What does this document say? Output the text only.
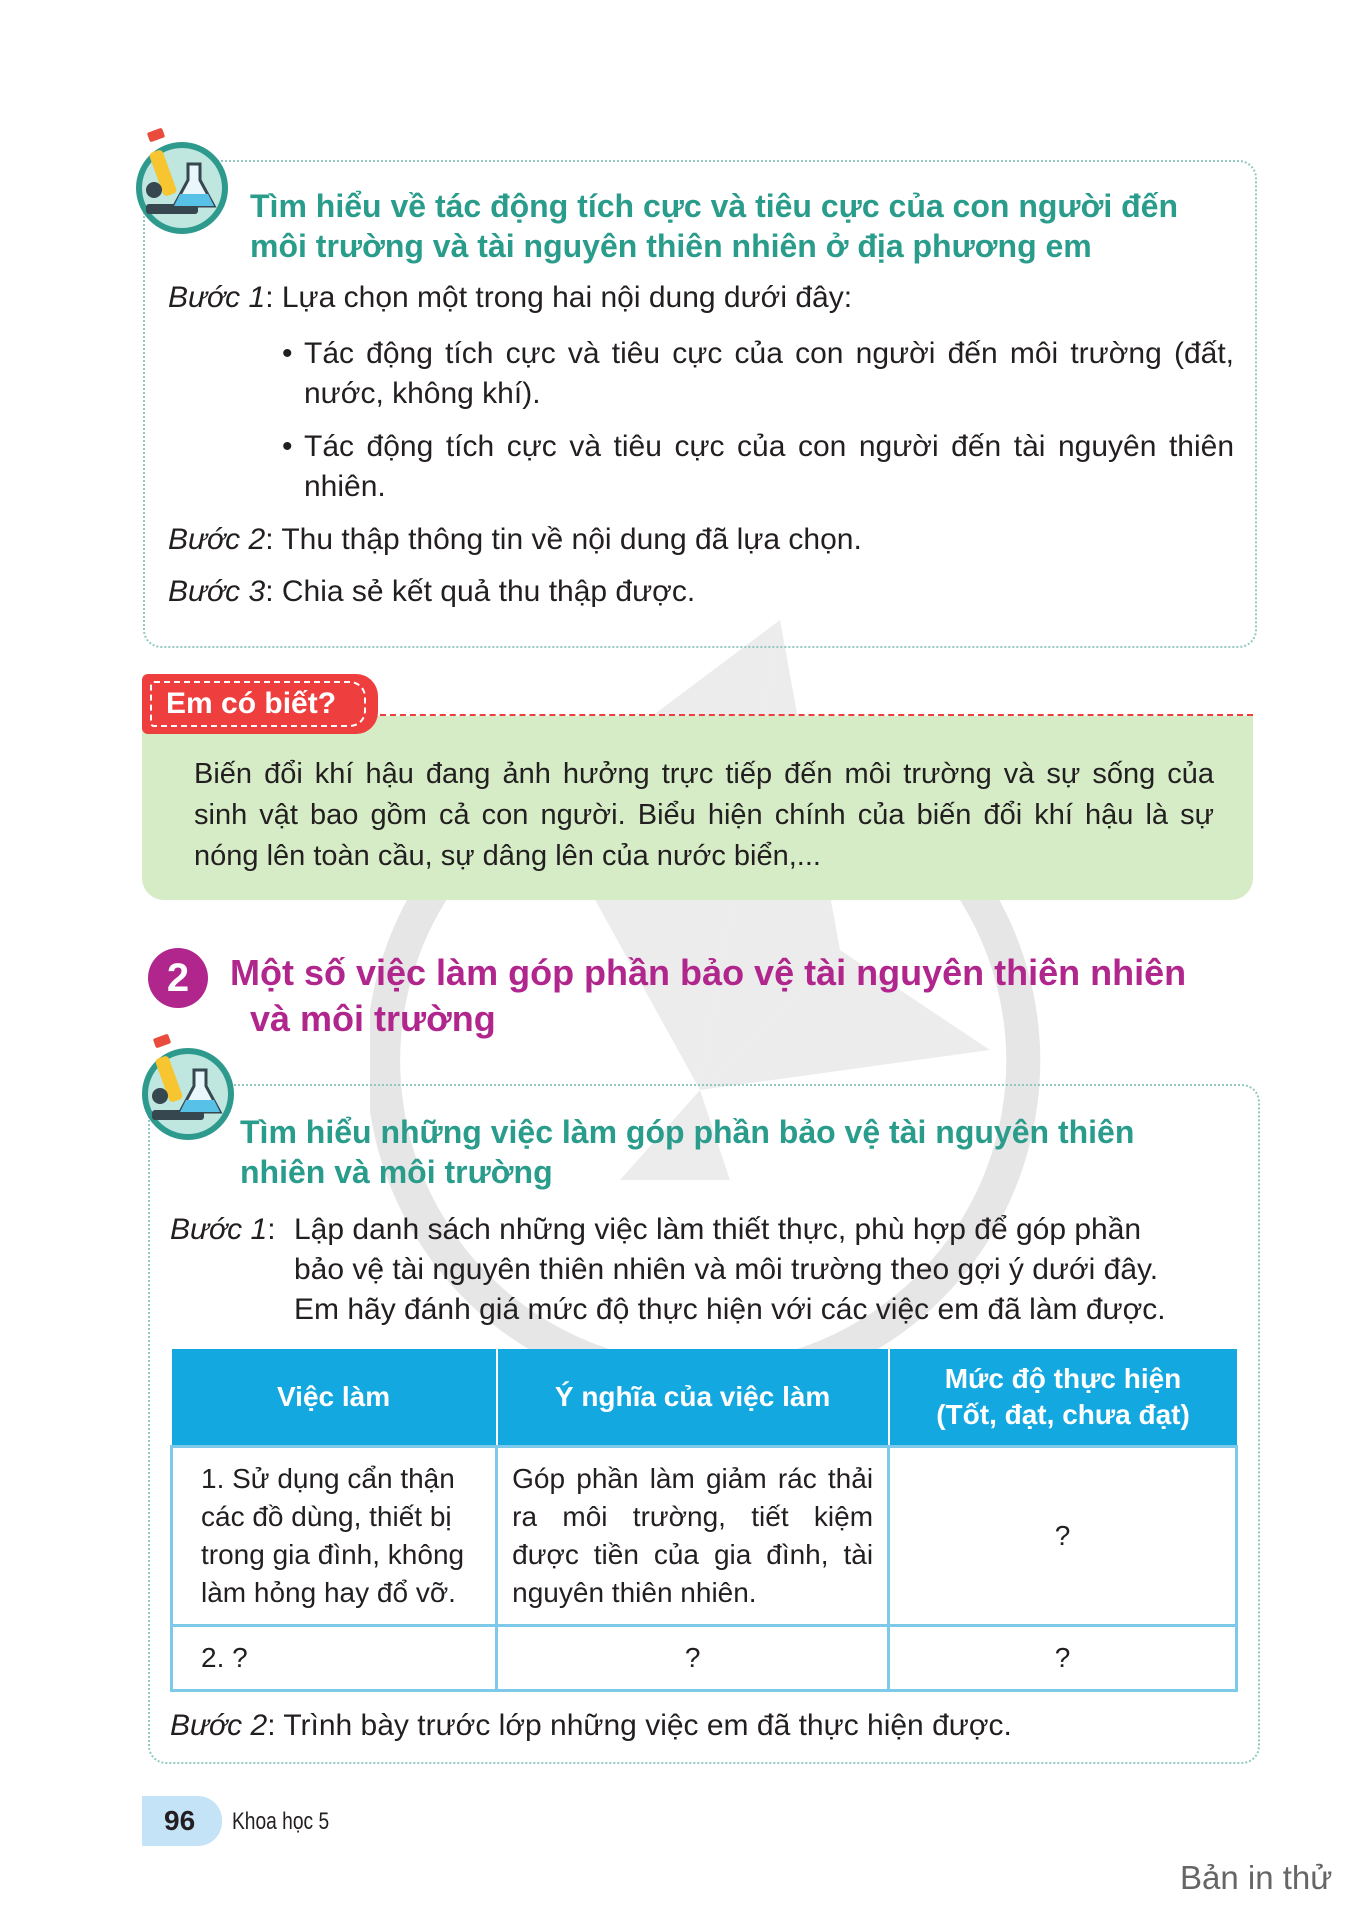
Tìm hiểu về tác động tích cực và tiêu cực của con người đến
môi trường và tài nguyên thiên nhiên ở địa phương em
Bước 1: Lựa chọn một trong hai nội dung dưới đây:
• Tác động tích cực và tiêu cực của con người đến môi trường (đất, nước, không khí).
• Tác động tích cực và tiêu cực của con người đến tài nguyên thiên nhiên.
Bước 2: Thu thập thông tin về nội dung đã lựa chọn.
Bước 3: Chia sẻ kết quả thu thập được.
Em có biết?
Biến đổi khí hậu đang ảnh hưởng trực tiếp đến môi trường và sự sống của sinh vật bao gồm cả con người. Biểu hiện chính của biến đổi khí hậu là sự nóng lên toàn cầu, sự dâng lên của nước biển,...
2	Một số việc làm góp phần bảo vệ tài nguyên thiên nhiên
và môi trường
Tìm hiểu những việc làm góp phần bảo vệ tài nguyên thiên
nhiên và môi trường
Bước 1: Lập danh sách những việc làm thiết thực, phù hợp để góp phần
bảo vệ tài nguyên thiên nhiên và môi trường theo gợi ý dưới đây.
Em hãy đánh giá mức độ thực hiện với các việc em đã làm được.
Việc làm	Ý nghĩa của việc làm	Mức độ thực hiện
(Tốt, đạt, chưa đạt)

1. Sử dụng cẩn thận các đồ dùng, thiết bị trong gia đình, không làm hỏng hay đổ vỡ.	Góp phần làm giảm rác thải ra môi trường, tiết kiệm được tiền của gia đình, tài nguyên thiên nhiên.	?
2. ?	?	?
Bước 2: Trình bày trước lớp những việc em đã thực hiện được.
96	Khoa học 5
Bản in thử
